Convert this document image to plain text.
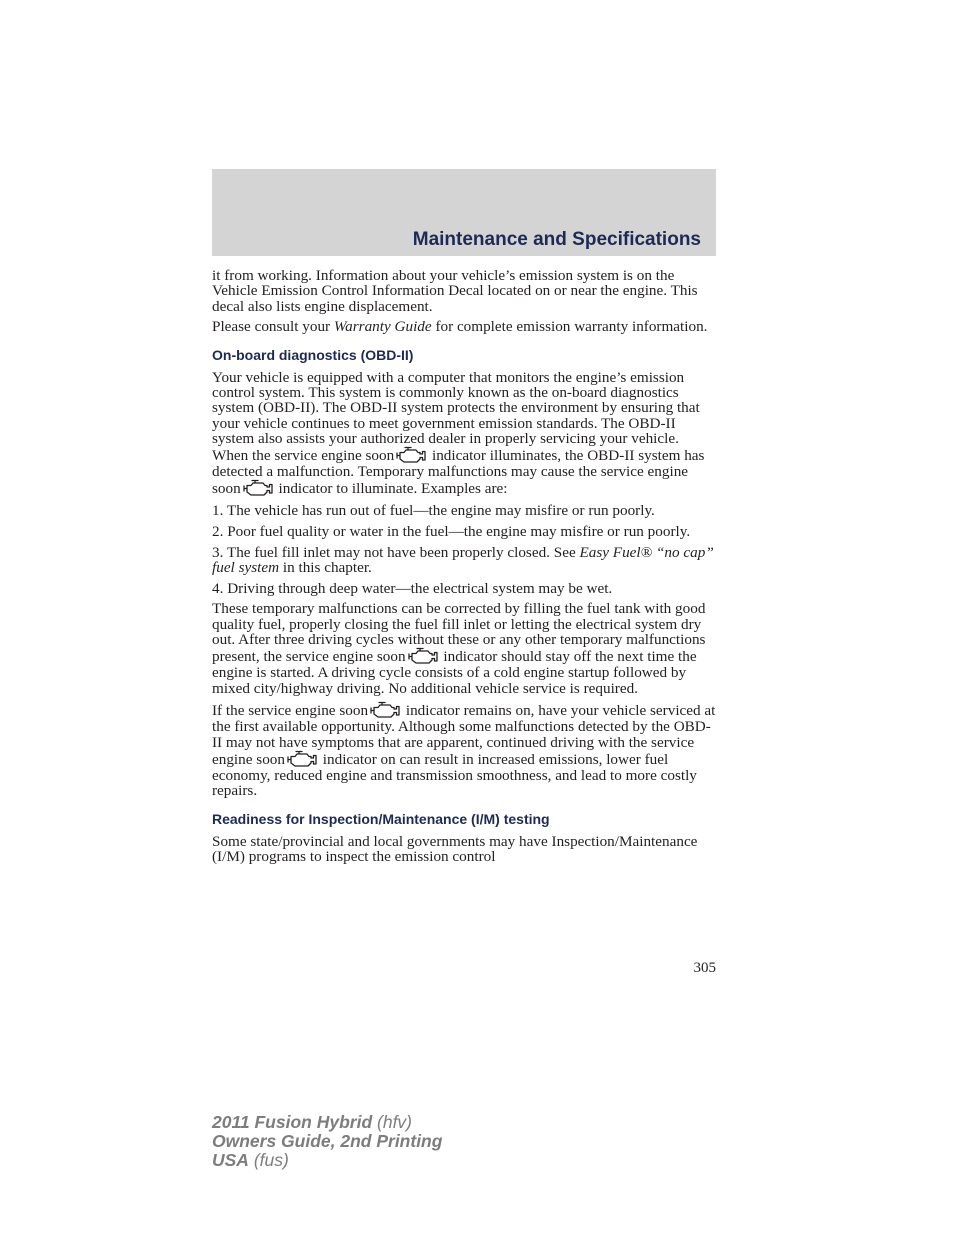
Maintenance and Specifications

it from working. Information about your vehicle’s emission system is on the Vehicle Emission Control Information Decal located on or near the engine. This decal also lists engine displacement.

Please consult your Warranty Guide for complete emission warranty information.

On-board diagnostics (OBD-II)

Your vehicle is equipped with a computer that monitors the engine’s emission control system. This system is commonly known as the on-board diagnostics system (OBD-II). The OBD-II system protects the environment by ensuring that your vehicle continues to meet government emission standards. The OBD-II system also assists your authorized dealer in properly servicing your vehicle. When the service engine soon
indicator illuminates, the OBD-II system has detected a malfunction. Temporary malfunctions may cause the service engine soon
indicator to illuminate. Examples are:

1. The vehicle has run out of fuel—the engine may misfire or run poorly.

2. Poor fuel quality or water in the fuel—the engine may misfire or run poorly.

3. The fuel fill inlet may not have been properly closed. See Easy Fuel® “no cap” fuel system in this chapter.

4. Driving through deep water—the electrical system may be wet.

These temporary malfunctions can be corrected by filling the fuel tank with good quality fuel, properly closing the fuel fill inlet or letting the electrical system dry out. After three driving cycles without these or any other temporary malfunctions present, the service engine soon
indicator should stay off the next time the engine is started. A driving cycle consists of a cold engine startup followed by mixed city/highway driving. No additional vehicle service is required.

If the service engine soon
indicator remains on, have your vehicle serviced at the first available opportunity. Although some malfunctions detected by the OBD-II may not have symptoms that are apparent, continued driving with the service engine soon
indicator on can result in increased emissions, lower fuel economy, reduced engine and transmission smoothness, and lead to more costly repairs.

Readiness for Inspection/Maintenance (I/M) testing

Some state/provincial and local governments may have Inspection/Maintenance (I/M) programs to inspect the emission control

305
2011 Fusion Hybrid (hfv)
Owners Guide, 2nd Printing
USA (fus)
